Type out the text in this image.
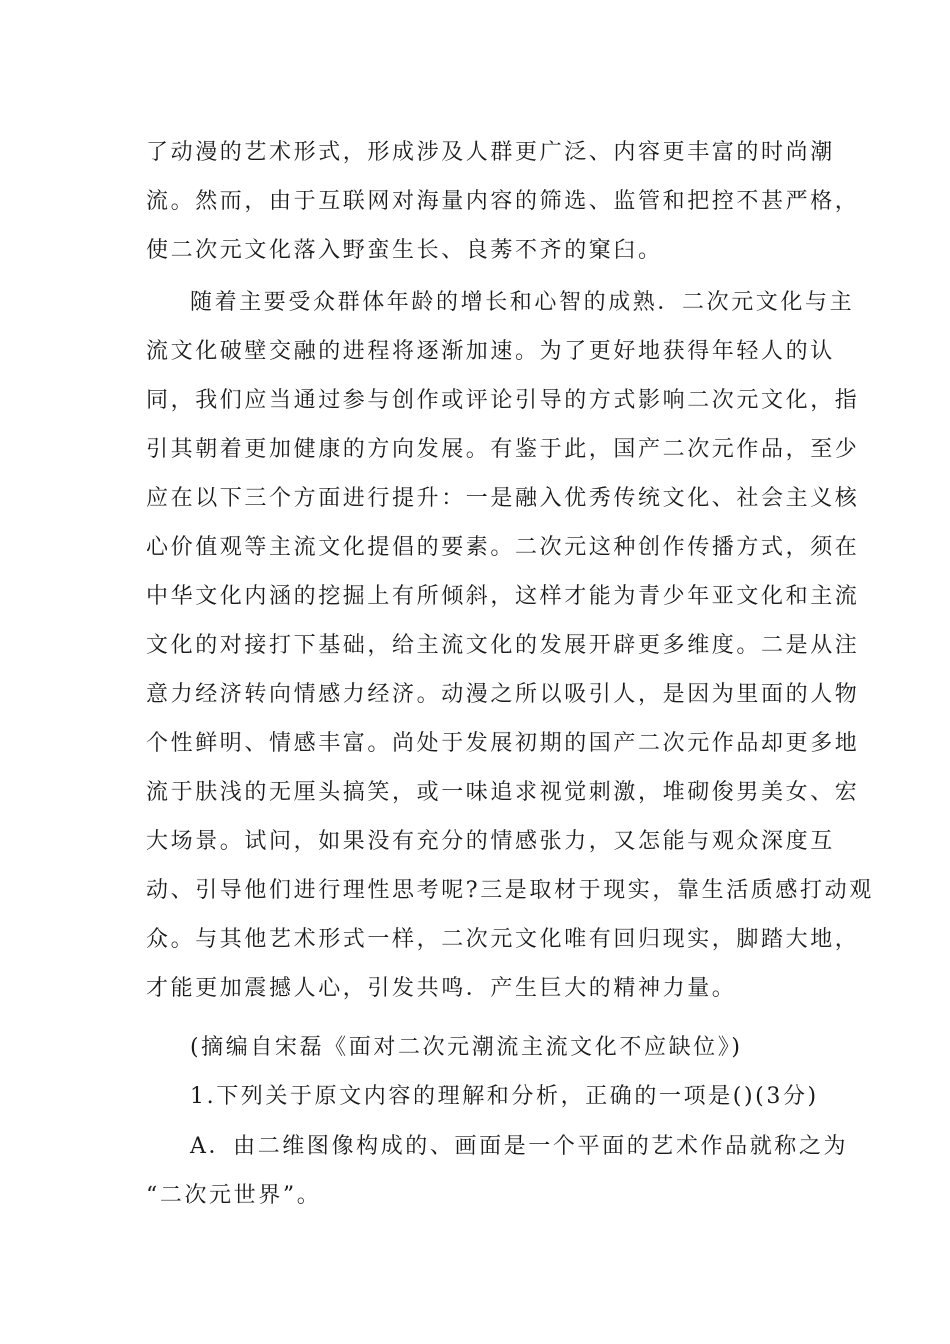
了动漫的艺术形式，形成涉及人群更广泛、内容更丰富的时尚潮
流。然而，由于互联网对海量内容的筛选、监管和把控不甚严格，
使二次元文化落入野蛮生长、良莠不齐的窠臼。
随着主要受众群体年龄的增长和心智的成熟．二次元文化与主
流文化破壁交融的进程将逐渐加速。为了更好地获得年轻人的认
同，我们应当通过参与创作或评论引导的方式影响二次元文化，指
引其朝着更加健康的方向发展。有鉴于此，国产二次元作品，至少
应在以下三个方面进行提升：一是融入优秀传统文化、社会主义核
心价值观等主流文化提倡的要素。二次元这种创作传播方式，须在
中华文化内涵的挖掘上有所倾斜，这样才能为青少年亚文化和主流
文化的对接打下基础，给主流文化的发展开辟更多维度。二是从注
意力经济转向情感力经济。动漫之所以吸引人，是因为里面的人物
个性鲜明、情感丰富。尚处于发展初期的国产二次元作品却更多地
流于肤浅的无厘头搞笑，或一味追求视觉刺激，堆砌俊男美女、宏
大场景。试问，如果没有充分的情感张力，又怎能与观众深度互
动、引导他们进行理性思考呢?三是取材于现实，靠生活质感打动观
众。与其他艺术形式一样，二次元文化唯有回归现实，脚踏大地，
才能更加震撼人心，引发共鸣．产生巨大的精神力量。
(摘编自宋磊《面对二次元潮流主流文化不应缺位》)
1.下列关于原文内容的理解和分析，正确的一项是()(3分)
A．由二维图像构成的、画面是一个平面的艺术作品就称之为
“二次元世界”。
